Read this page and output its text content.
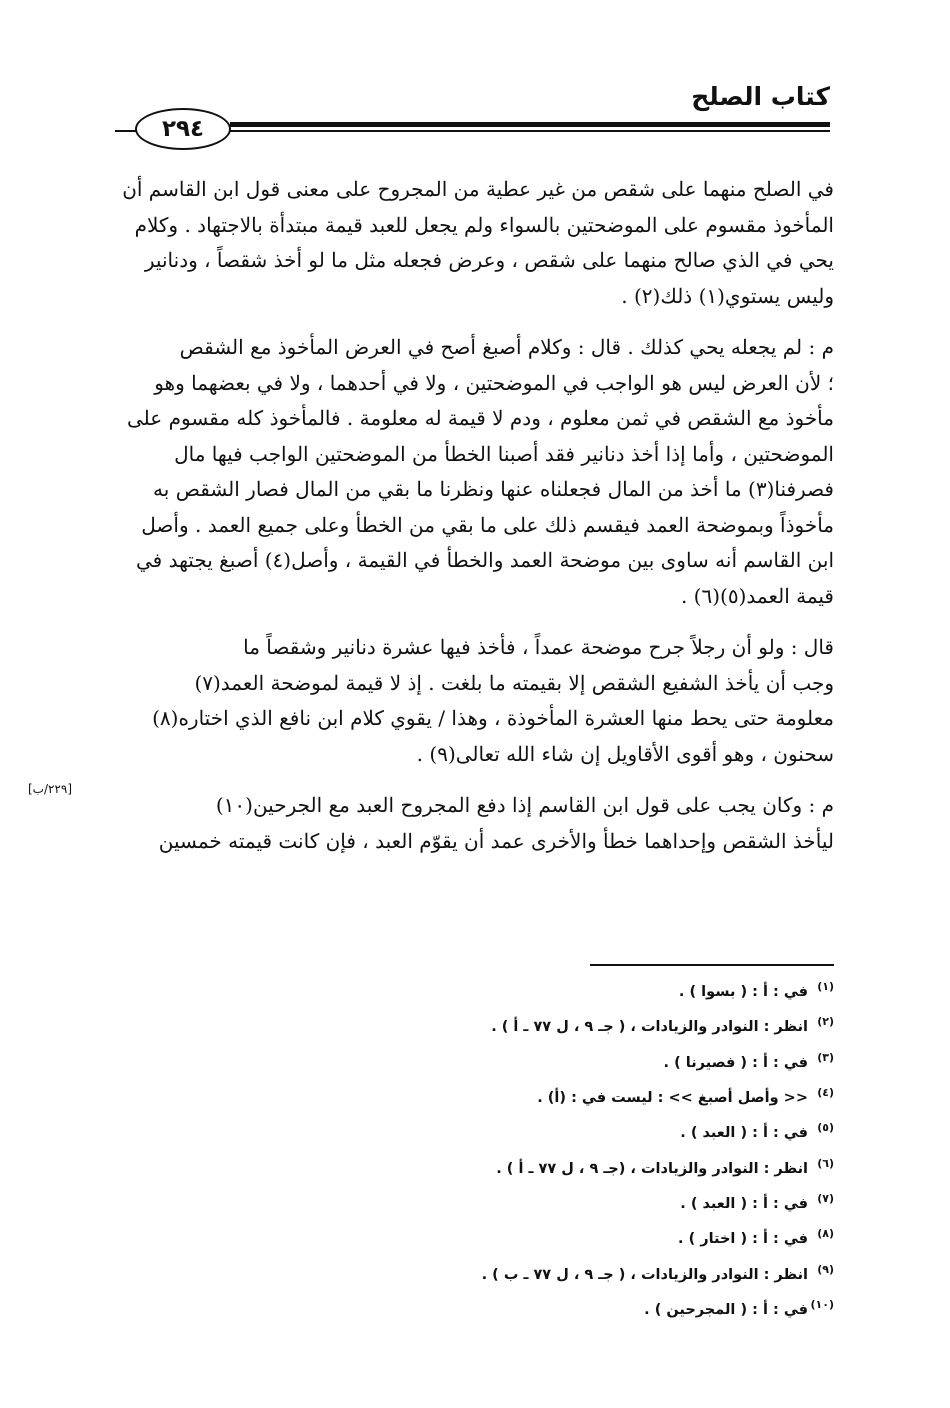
كتاب الصلح
٢٩٤

في الصلح منهما على شقص من غير عطية من المجروح على معنى قول ابن القاسم أن

المأخوذ مقسوم على الموضحتين بالسواء ولم يجعل للعبد قيمة مبتدأة بالاجتهاد . وكلام

يحي في الذي صالح منهما على شقص ، وعرض فجعله مثل ما لو أخذ شقصاً ، ودنانير

وليس يستوي(١) ذلك(٢) .

م : لم يجعله يحي كذلك . قال : وكلام أصبغ أصح في العرض المأخوذ مع الشقص

؛ لأن العرض ليس هو الواجب في الموضحتين ، ولا في أحدهما ، ولا في بعضهما وهو

مأخوذ مع الشقص في ثمن معلوم ، ودم لا قيمة له معلومة . فالمأخوذ كله مقسوم على

الموضحتين ، وأما إذا أخذ دنانير فقد أصبنا الخطأ من الموضحتين الواجب فيها مال

فصرفنا(٣) ما أخذ من المال فجعلناه عنها ونظرنا ما بقي من المال فصار الشقص به

مأخوذاً وبموضحة العمد فيقسم ذلك على ما بقي من الخطأ وعلى جميع العمد . وأصل

ابن القاسم أنه ساوى بين موضحة العمد والخطأ في القيمة ، وأصل(٤) أصبغ يجتهد في

قيمة العمد(٥)(٦) .

قال : ولو أن رجلاً جرح موضحة عمداً ، فأخذ فيها عشرة دنانير وشقصاً ما

وجب أن يأخذ الشفيع الشقص إلا بقيمته ما بلغت . إذ لا قيمة لموضحة العمد(٧)

معلومة حتى يحط منها العشرة المأخوذة ، وهذا / يقوي كلام ابن نافع الذي اختاره(٨)

سحنون ، وهو أقوى الأقاويل إن شاء الله تعالى(٩) .

م : وكان يجب على قول ابن القاسم إذا دفع المجروح العبد مع الجرحين(١٠)

ليأخذ الشقص وإحداهما خطأ والأخرى عمد أن يقوّم العبد ، فإن كانت قيمته خمسين

[٢٢٩/ب]
(١)في : أ : ( بسوا ) .
(٢)انظر : النوادر والزيادات ، ( جـ ٩ ، ل ٧٧ ـ أ ) .
(٣)في : أ : ( فصيرنا ) .
(٤)<< وأصل أصبغ >> : ليست في : (أ) .
(٥)في : أ : ( العبد ) .
(٦)انظر : النوادر والزيادات ، (جـ ٩ ، ل ٧٧ ـ أ ) .
(٧)في : أ : ( العبد ) .
(٨)في : أ : ( اختار ) .
(٩)انظر : النوادر والزيادات ، ( جـ ٩ ، ل ٧٧ ـ ب ) .
(١٠)في : أ : ( المجرحين ) .
